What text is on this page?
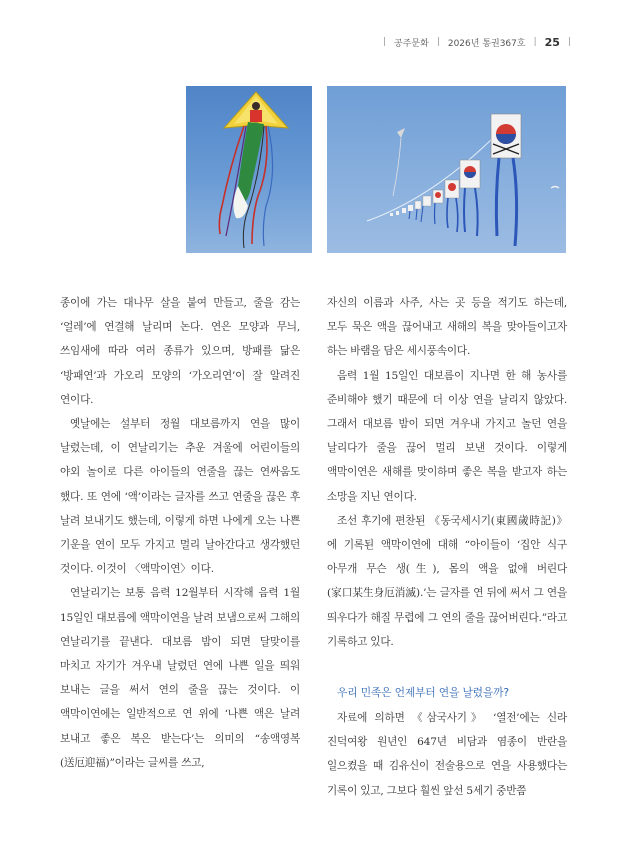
| 공주문화 | 2026년 통권367호 | 25 |

종이에 가는 대나무 살을 붙여 만들고, 줄을 감는 ‘얼레’에 연결해 날리며 논다. 연은 모양과 무늬, 쓰임새에 따라 여러 종류가 있으며, 방패를 닮은 ‘방패연’과 가오리 모양의 ‘가오리연’이 잘 알려진 연이다.

옛날에는 설부터 정월 대보름까지 연을 많이 날렸는데, 이 연날리기는 추운 겨울에 어린이들의 야외 놀이로 다른 아이들의 연줄을 끊는 연싸움도 했다. 또 연에 ‘액’이라는 글자를 쓰고 연줄을 끊은 후 날려 보내기도 했는데, 이렇게 하면 나에게 오는 나쁜 기운을 연이 모두 가지고 멀리 날아간다고 생각했던 것이다. 이것이 〈액막이연〉이다.

연날리기는 보통 음력 12월부터 시작해 음력 1월 15일인 대보름에 액막이연을 날려 보냄으로써 그해의 연날리기를 끝낸다. 대보름 밤이 되면 달맞이를 마치고 자기가 겨우내 날렸던 연에 나쁜 일을 띄워 보내는 글을 써서 연의 줄을 끊는 것이다. 이 액막이연에는 일반적으로 연 위에 ‘나쁜 액은 날려 보내고 좋은 복은 받는다’는 의미의 “송액영복(送厄迎福)”이라는 글씨를 쓰고,

자신의 이름과 사주, 사는 곳 등을 적기도 하는데, 모두 묵은 액을 끊어내고 새해의 복을 맞아들이고자 하는 바램을 담은 세시풍속이다.

음력 1월 15일인 대보름이 지나면 한 해 농사를 준비해야 했기 때문에 더 이상 연을 날리지 않았다. 그래서 대보름 밤이 되면 겨우내 가지고 놀던 연을 날리다가 줄을 끊어 멀리 보낸 것이다. 이렇게 액막이연은 새해를 맞이하며 좋은 복을 받고자 하는 소망을 지닌 연이다.

조선 후기에 편찬된 《동국세시기(東國歲時記)》에 기록된 액막이연에 대해 “아이들이 ‘집안 식구 아무개 무슨 생(生), 몸의 액을 없애 버린다(家口某生身厄消滅).’는 글자를 연 뒤에 써서 그 연을 띄우다가 해질 무렵에 그 연의 줄을 끊어버린다.”라고 기록하고 있다.

우리 민족은 언제부터 연을 날렸을까?

자료에 의하면 《삼국사기》 ‘열전’에는 신라 진덕여왕 원년인 647년 비담과 염종이 반란을 일으켰을 때 김유신이 전술용으로 연을 사용했다는 기록이 있고, 그보다 훨씬 앞선 5세기 중반쯤
